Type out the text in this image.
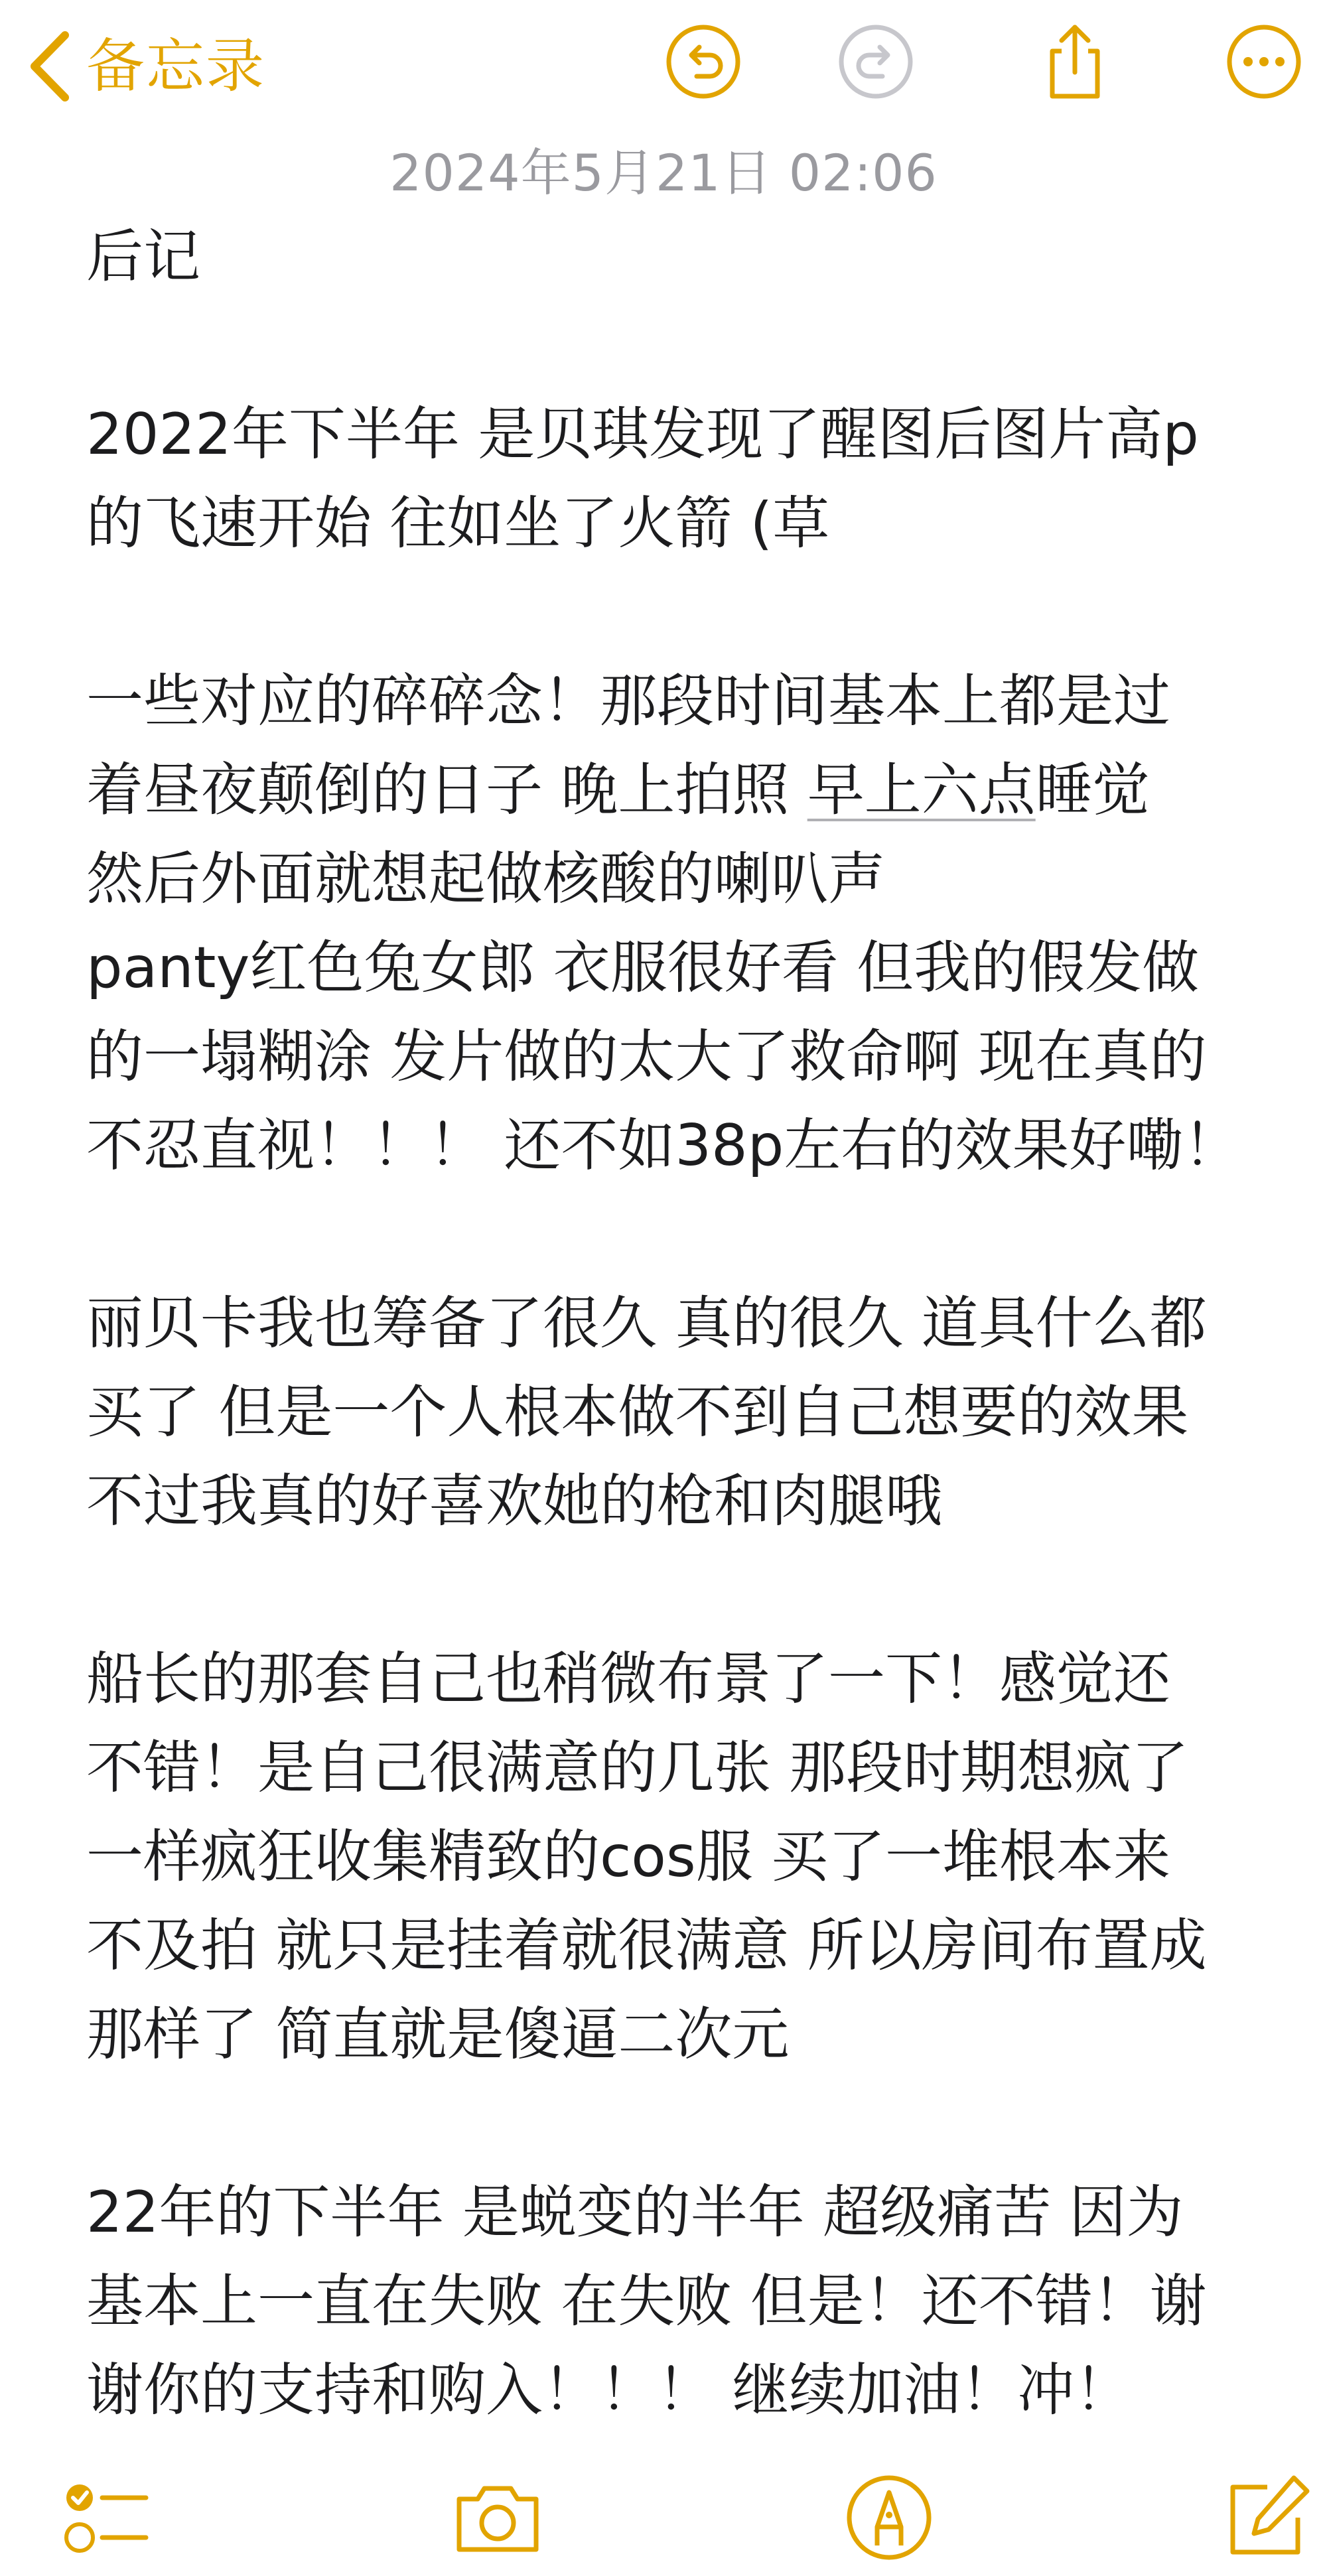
备忘录
2024年5月21日 02:06

后记

2022年下半年 是贝琪发现了醒图后图片高p

的飞速开始 往如坐了火箭 (草

一些对应的碎碎念！那段时间基本上都是过

着昼夜颠倒的日子 晚上拍照 早上六点睡觉

然后外面就想起做核酸的喇叭声

panty红色兔女郎 衣服很好看 但我的假发做

的一塌糊涂 发片做的太大了救命啊 现在真的

不忍直视！！！ 还不如38p左右的效果好嘞！

丽贝卡我也筹备了很久 真的很久 道具什么都

买了 但是一个人根本做不到自己想要的效果

不过我真的好喜欢她的枪和肉腿哦

船长的那套自己也稍微布景了一下！感觉还

不错！是自己很满意的几张 那段时期想疯了

一样疯狂收集精致的cos服 买了一堆根本来

不及拍 就只是挂着就很满意 所以房间布置成

那样了 简直就是傻逼二次元

22年的下半年 是蜕变的半年 超级痛苦 因为

基本上一直在失败 在失败 但是！还不错！谢

谢你的支持和购入！！！ 继续加油！冲！
